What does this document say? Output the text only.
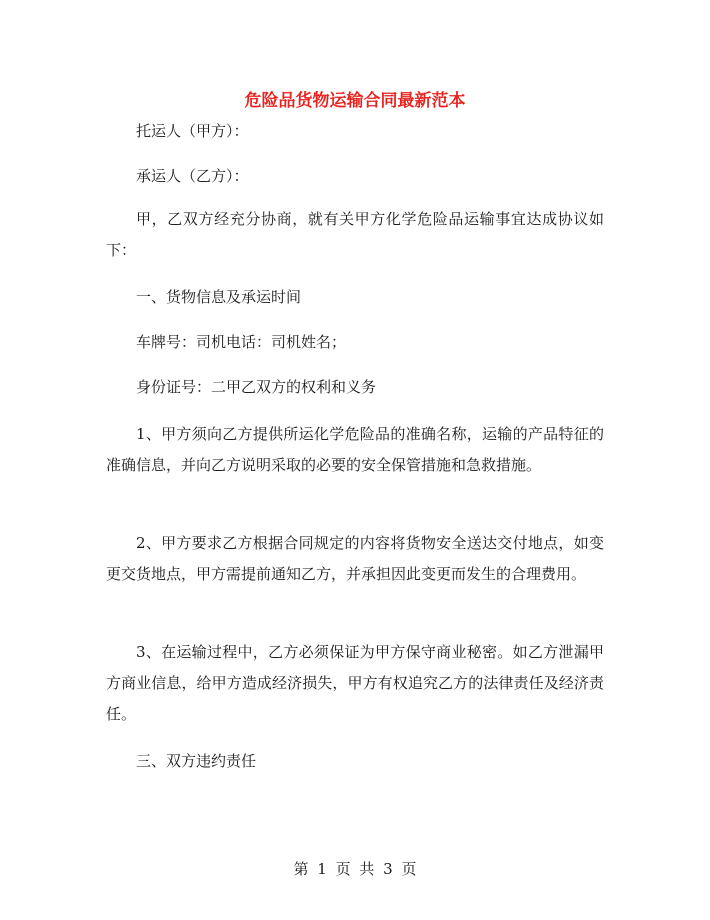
危险品货物运输合同最新范本
托运人（甲方）：
承运人（乙方）：
甲，乙双方经充分协商，就有关甲方化学危险品运输事宜达成协议如下：
一、货物信息及承运时间
车牌号：司机电话：司机姓名；
身份证号：二甲乙双方的权利和义务
1、甲方须向乙方提供所运化学危险品的准确名称，运输的产品特征的准确信息，并向乙方说明采取的必要的安全保管措施和急救措施。
2、甲方要求乙方根据合同规定的内容将货物安全送达交付地点，如变更交货地点，甲方需提前通知乙方，并承担因此变更而发生的合理费用。
3、在运输过程中，乙方必须保证为甲方保守商业秘密。如乙方泄漏甲方商业信息，给甲方造成经济损失，甲方有权追究乙方的法律责任及经济责任。
三、双方违约责任
第 1 页 共 3 页
